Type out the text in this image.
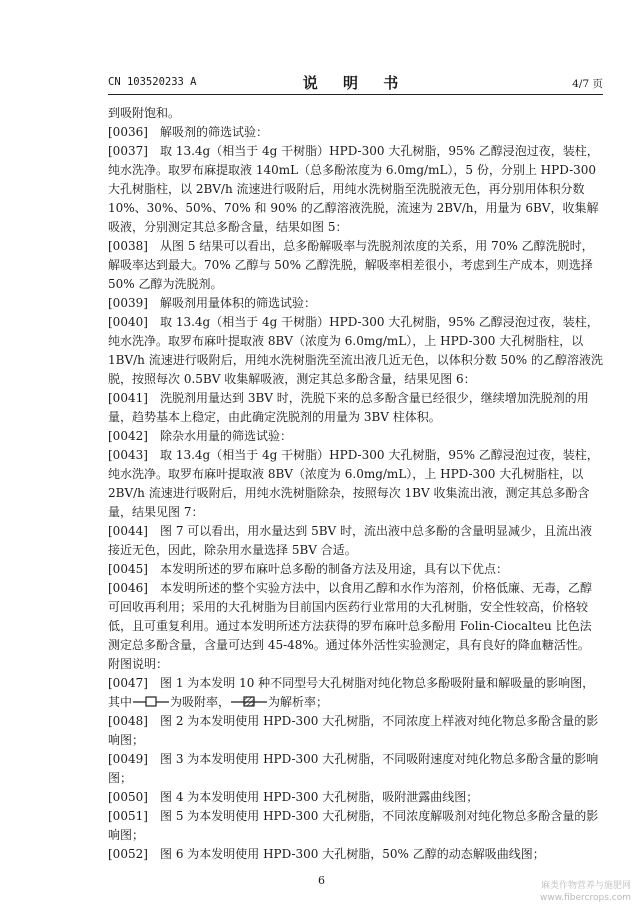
CN 103520233 A	说 明 书	4/7 页
到吸附饱和。
[0036]	解吸剂的筛选试验：
[0037]	取 13.4g（相当于 4g 干树脂）HPD-300 大孔树脂，95% 乙醇浸泡过夜，装柱，纯水洗净。取罗布麻提取液 140mL（总多酚浓度为 6.0mg/mL），5 份，分别上 HPD-300 大孔树脂柱，以 2BV/h 流速进行吸附后，用纯水洗树脂至洗脱液无色，再分别用体积分数 10%、30%、50%、70% 和 90% 的乙醇溶液洗脱，流速为 2BV/h，用量为 6BV，收集解吸液，分别测定其总多酚含量，结果如图 5：
[0038]	从图 5 结果可以看出，总多酚解吸率与洗脱剂浓度的关系，用 70% 乙醇洗脱时，解吸率达到最大。70% 乙醇与 50% 乙醇洗脱，解吸率相差很小，考虑到生产成本，则选择 50% 乙醇为洗脱剂。
[0039]	解吸剂用量体积的筛选试验：
[0040]	取 13.4g（相当于 4g 干树脂）HPD-300 大孔树脂，95% 乙醇浸泡过夜，装柱，纯水洗净。取罗布麻叶提取液 8BV（浓度为 6.0mg/mL），上 HPD-300 大孔树脂柱，以 1BV/h 流速进行吸附后，用纯水洗树脂洗至流出液几近无色，以体积分数 50% 的乙醇溶液洗脱，按照每次 0.5BV 收集解吸液，测定其总多酚含量，结果见图 6：
[0041]	洗脱剂用量达到 3BV 时，洗脱下来的总多酚含量已经很少，继续增加洗脱剂的用量，趋势基本上稳定，由此确定洗脱剂的用量为 3BV 柱体积。
[0042]	除杂水用量的筛选试验：
[0043]	取 13.4g（相当于 4g 干树脂）HPD-300 大孔树脂，95% 乙醇浸泡过夜，装柱，纯水洗净。取罗布麻叶提取液 8BV（浓度为 6.0mg/mL），上 HPD-300 大孔树脂柱，以 2BV/h 流速进行吸附后，用纯水洗树脂除杂，按照每次 1BV 收集流出液，测定其总多酚含量，结果见图 7：
[0044]	图 7 可以看出，用水量达到 5BV 时，流出液中总多酚的含量明显减少，且流出液接近无色，因此，除杂用水量选择 5BV 合适。
[0045]	本发明所述的罗布麻叶总多酚的制备方法及用途，具有以下优点：
[0046]	本发明所述的整个实验方法中，以食用乙醇和水作为溶剂，价格低廉、无毒，乙醇可回收再利用；采用的大孔树脂为目前国内医药行业常用的大孔树脂，安全性较高，价格较低，且可重复利用。通过本发明所述方法获得的罗布麻叶总多酚用 Folin-Ciocalteu 比色法测定总多酚含量，含量可达到 45-48%。通过体外活性实验测定，具有良好的降血糖活性。
附图说明：
[0047]	图 1 为本发明 10 种不同型号大孔树脂对纯化物总多酚吸附量和解吸量的影响图，其中	为吸附率，	为解析率；
[0048]	图 2 为本发明使用 HPD-300 大孔树脂，不同浓度上样液对纯化物总多酚含量的影响图；
[0049]	图 3 为本发明使用 HPD-300 大孔树脂，不同吸附速度对纯化物总多酚含量的影响图；
[0050]	图 4 为本发明使用 HPD-300 大孔树脂，吸附泄露曲线图；
[0051]	图 5 为本发明使用 HPD-300 大孔树脂，不同浓度解吸剂对纯化物总多酚含量的影响图；
[0052]	图 6 为本发明使用 HPD-300 大孔树脂，50% 乙醇的动态解吸曲线图；
6	麻类作物营养与施肥网
www.fibercrops.com
